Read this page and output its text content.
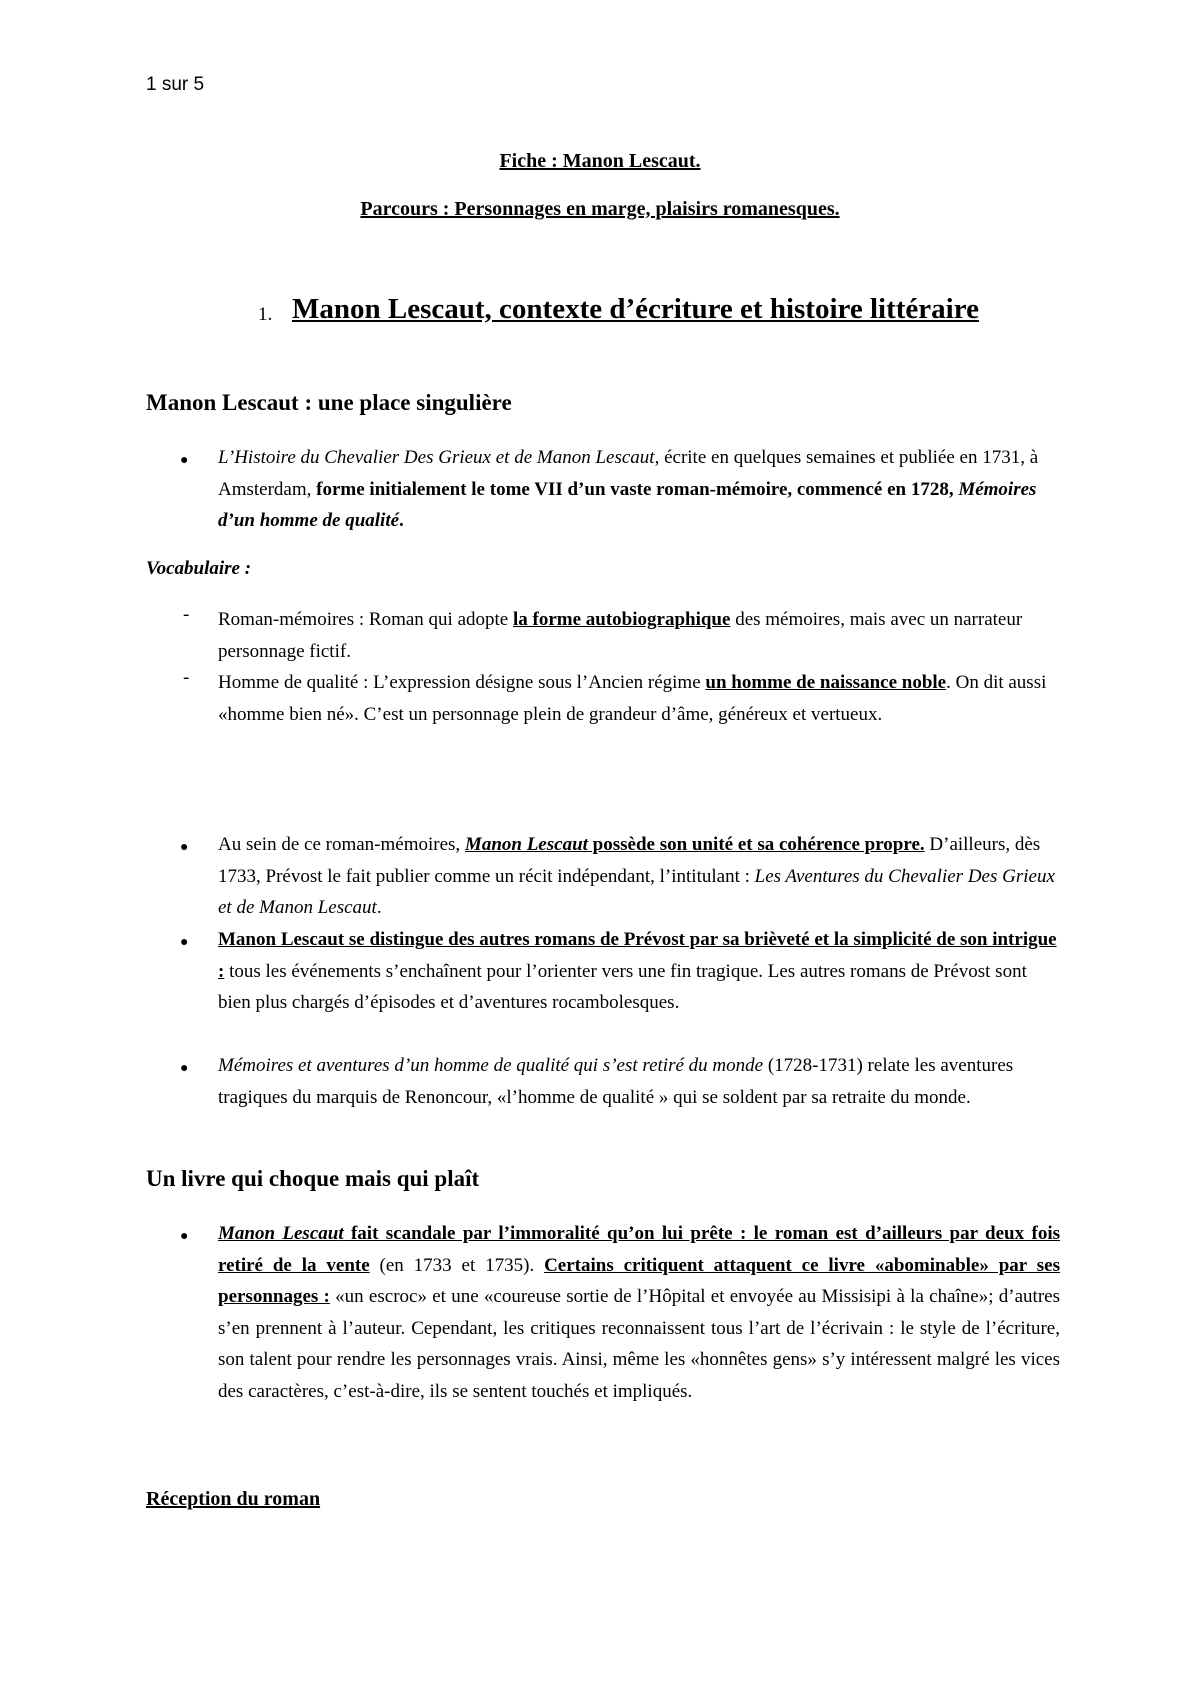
1 sur 5
Fiche : Manon Lescaut.
Parcours : Personnages en marge, plaisirs romanesques.
1. Manon Lescaut, contexte d’écriture et histoire littéraire
Manon Lescaut : une place singulière
● L’Histoire du Chevalier Des Grieux et de Manon Lescaut, écrite en quelques semaines et publiée en 1731, à Amsterdam, forme initialement le tome VII d’un vaste roman-mémoire, commencé en 1728, Mémoires d’un homme de qualité.
Vocabulaire :
- Roman-mémoires : Roman qui adopte la forme autobiographique des mémoires, mais avec un narrateur personnage fictif.
- Homme de qualité : L’expression désigne sous l’Ancien régime un homme de naissance noble. On dit aussi «homme bien né». C’est un personnage plein de grandeur d’âme, généreux et vertueux.
● Au sein de ce roman-mémoires, Manon Lescaut possède son unité et sa cohérence propre. D’ailleurs, dès 1733, Prévost le fait publier comme un récit indépendant, l’intitulant : Les Aventures du Chevalier Des Grieux et de Manon Lescaut.
● Manon Lescaut se distingue des autres romans de Prévost par sa brièveté et la simplicité de son intrigue : tous les événements s’enchaînent pour l’orienter vers une fin tragique. Les autres romans de Prévost sont bien plus chargés d’épisodes et d’aventures rocambolesques.
● Mémoires et aventures d’un homme de qualité qui s’est retiré du monde (1728-1731) relate les aventures tragiques du marquis de Renoncour, «l’homme de qualité » qui se soldent par sa retraite du monde.
Un livre qui choque mais qui plaît
● Manon Lescaut fait scandale par l’immoralité qu’on lui prête : le roman est d’ailleurs par deux fois retiré de la vente (en 1733 et 1735). Certains critiquent attaquent ce livre «abominable» par ses personnages : «un escroc» et une «coureuse sortie de l’Hôpital et envoyée au Missisipi à la chaîne»; d’autres s’en prennent à l’auteur. Cependant, les critiques reconnaissent tous l’art de l’écrivain : le style de l’écriture, son talent pour rendre les personnages vrais. Ainsi, même les «honnêtes gens» s’y intéressent malgré les vices des caractères, c’est-à-dire, ils se sentent touchés et impliqués.
Réception du roman
